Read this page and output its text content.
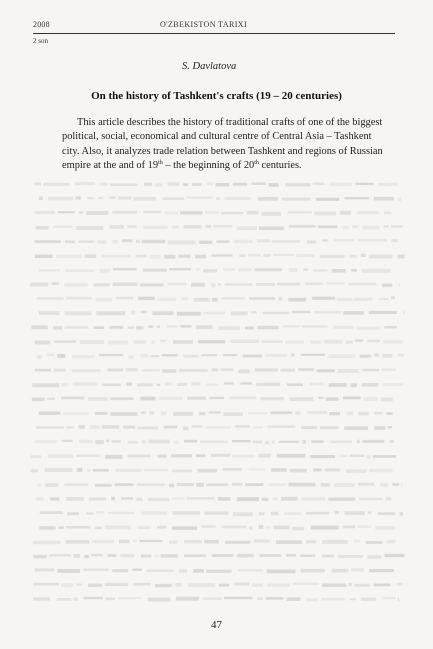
2008	O'ZBEKISTON TARIXI
2 son
S. Davlatova
On the history of Tashkent's crafts (19 – 20 centuries)
This article describes the history of traditional crafts of one of the biggest
political, social, economical and cultural centre of Central Asia – Tashkent
city. Also, it analyzes trade relation between Tashkent and regions of Russian
empire at the and of 19th – the beginning of 20th centuries.
47
